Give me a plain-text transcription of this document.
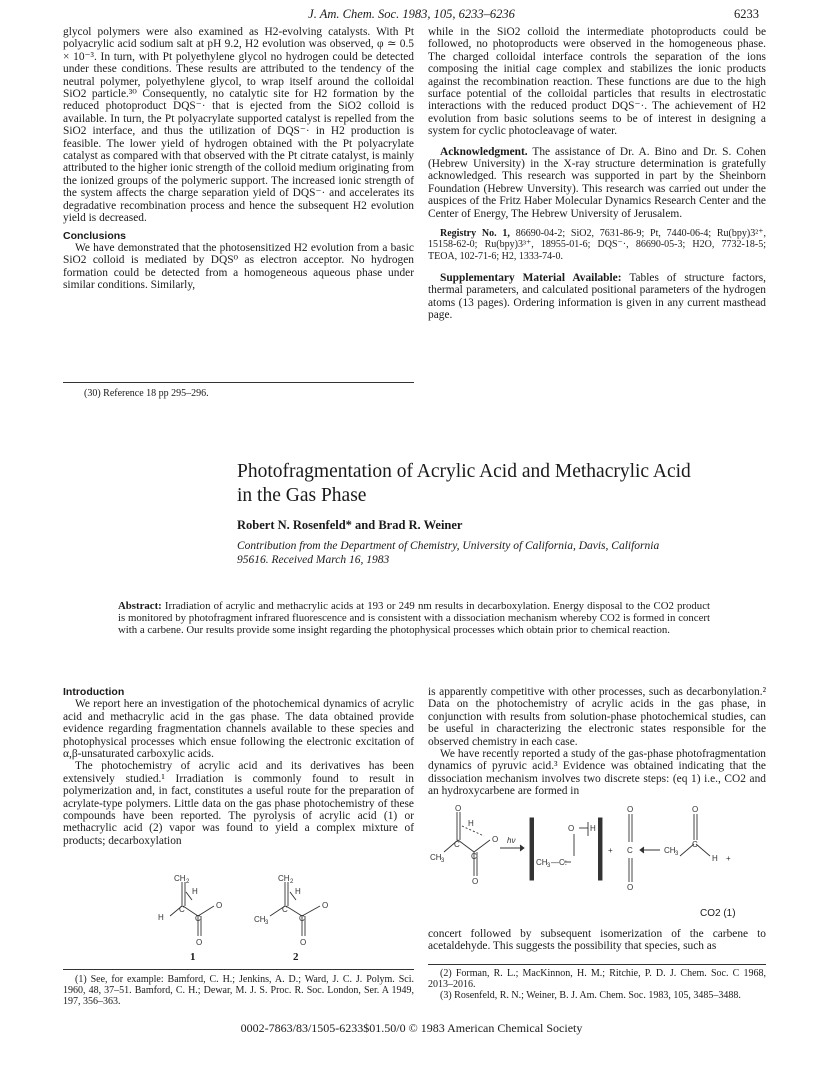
J. Am. Chem. Soc. 1983, 105, 6233–6236	6233

glycol polymers were also examined as H2-evolving catalysts. With Pt polyacrylic acid sodium salt at pH 9.2, H2 evolution was observed, φ ≃ 0.5 × 10⁻³. In turn, with Pt polyethylene glycol no hydrogen could be detected under these conditions. These results are attributed to the tendency of the neutral polymer, polyethylene glycol, to wrap itself around the colloidal SiO2 particle.³⁰ Consequently, no catalytic site for H2 formation by the reduced photoproduct DQS⁻· that is ejected from the SiO2 colloid is available. In turn, the Pt polyacrylate supported catalyst is repelled from the SiO2 interface, and thus the utilization of DQS⁻· in H2 production is feasible. The lower yield of hydrogen obtained with the Pt polyacrylate catalyst as compared with that observed with the Pt citrate catalyst, is mainly attributed to the higher ionic strength of the colloid medium originating from the ionized groups of the polymeric support. The increased ionic strength of the system affects the charge separation yield of DQS⁻· and accelerates its degradative recombination process and hence the subsequent H2 evolution yield is decreased.

Conclusions

We have demonstrated that the photosensitized H2 evolution from a basic SiO2 colloid is mediated by DQS⁰ as electron acceptor. No hydrogen formation could be detected from a homogeneous aqueous phase under similar conditions. Similarly,

(30) Reference 18 pp 295–296.

while in the SiO2 colloid the intermediate photoproducts could be followed, no photoproducts were observed in the homogeneous phase. The charged colloidal interface controls the separation of the ions composing the initial cage complex and stabilizes the ionic products against the recombination reaction. These functions are due to the high surface potential of the colloidal particles that results in electrostatic interactions with the reduced product DQS⁻·. The achievement of H2 evolution from basic solutions seems to be of interest in designing a system for cyclic photocleavage of water.

Acknowledgment. The assistance of Dr. A. Bino and Dr. S. Cohen (Hebrew University) in the X-ray structure determination is gratefully acknowledged. This research was supported in part by the Sheinborn Foundation (Hebrew Unversity). This research was carried out under the auspices of the Fritz Haber Molecular Dynamics Research Center and the Center of Energy, The Hebrew University of Jerusalem.

Registry No. 1, 86690-04-2; SiO2, 7631-86-9; Pt, 7440-06-4; Ru(bpy)3²⁺, 15158-62-0; Ru(bpy)3³⁺, 18955-01-6; DQS⁻·, 86690-05-3; H2O, 7732-18-5; TEOA, 102-71-6; H2, 1333-74-0.

Supplementary Material Available: Tables of structure factors, thermal parameters, and calculated positional parameters of the hydrogen atoms (13 pages). Ordering information is given in any current masthead page.

Photofragmentation of Acrylic Acid and Methacrylic Acid in the Gas Phase
Robert N. Rosenfeld* and Brad R. Weiner
Contribution from the Department of Chemistry, University of California, Davis, California 95616. Received March 16, 1983
Abstract: Irradiation of acrylic and methacrylic acids at 193 or 249 nm results in decarboxylation. Energy disposal to the CO2 product is monitored by photofragment infrared fluorescence and is consistent with a dissociation mechanism whereby CO2 is formed in concert with a carbene. Our results provide some insight regarding the photophysical processes which obtain prior to chemical reaction.

Introduction

We report here an investigation of the photochemical dynamics of acrylic acid and methacrylic acid in the gas phase. The data obtained provide evidence regarding fragmentation channels available to these species and photophysical processes which ensue following the electronic excitation of α,β-unsaturated carboxylic acids.

The photochemistry of acrylic acid and its derivatives has been extensively studied.¹ Irradiation is commonly found to result in polymerization and, in fact, constitutes a useful route for the preparation of acrylate-type polymers. Little data on the gas phase photochemistry of these compounds have been reported. The pyrolysis of acrylic acid (1) or methacrylic acid (2) vapor was found to yield a complex mixture of products; decarboxylation

CH 2
H
C
H	C
O
O
CH 2
H
C
CH 3	C
O
O
1	2
(1) See, for example: Bamford, C. H.; Jenkins, A. D.; Ward, J. C. J. Polym. Sci. 1960, 48, 37–51. Bamford, C. H.; Dewar, M. J. S. Proc. R. Soc. London, Ser. A 1949, 197, 356–363.

is apparently competitive with other processes, such as decarbonylation.² Data on the photochemistry of acrylic acids in the gas phase, in conjunction with results from solution-phase photochemical studies, can be useful in characterizing the electronic states responsible for the observed chemistry in each case.

We have recently reported a study of the gas-phase photofragmentation dynamics of pyruvic acid.³ Evidence was obtained indicating that the dissociation mechanism involves two discrete steps: (eq 1) i.e., CO2 and an hydroxycarbene are formed in

O
H
C
O
C
CH 3
O
hν
O H
CH 3 —C:
+
O
C
O
CH 3
O
C
H +
CO2 (1)

concert followed by subsequent isomerization of the carbene to acetaldehyde. This suggests the possibility that species, such as

(2) Forman, R. L.; MacKinnon, H. M.; Ritchie, P. D. J. Chem. Soc. C 1968, 2013–2016.
(3) Rosenfeld, R. N.; Weiner, B. J. Am. Chem. Soc. 1983, 105, 3485–3488.
0002-7863/83/1505-6233$01.50/0 © 1983 American Chemical Society
